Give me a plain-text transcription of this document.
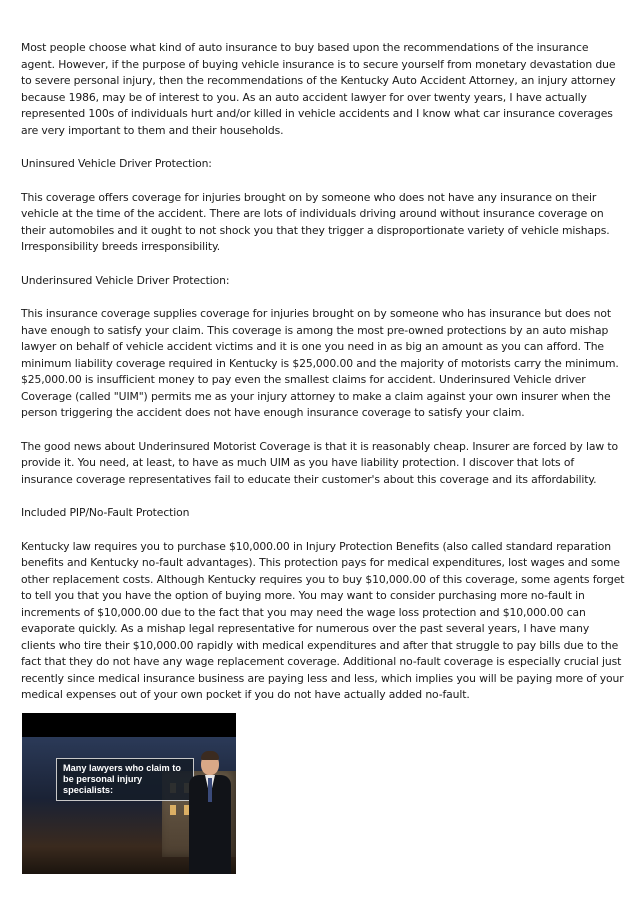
Most people choose what kind of auto insurance to buy based upon the recommendations of the insurance agent. However, if the purpose of buying vehicle insurance is to secure yourself from monetary devastation due to severe personal injury, then the recommendations of the Kentucky Auto Accident Attorney, an injury attorney because 1986, may be of interest to you. As an auto accident lawyer for over twenty years, I have actually represented 100s of individuals hurt and/or killed in vehicle accidents and I know what car insurance coverages are very important to them and their households.

Uninsured Vehicle Driver Protection:

This coverage offers coverage for injuries brought on by someone who does not have any insurance on their vehicle at the time of the accident. There are lots of individuals driving around without insurance coverage on their automobiles and it ought to not shock you that they trigger a disproportionate variety of vehicle mishaps. Irresponsibility breeds irresponsibility.

Underinsured Vehicle Driver Protection:

This insurance coverage supplies coverage for injuries brought on by someone who has insurance but does not have enough to satisfy your claim. This coverage is among the most pre-owned protections by an auto mishap lawyer on behalf of vehicle accident victims and it is one you need in as big an amount as you can afford. The minimum liability coverage required in Kentucky is $25,000.00 and the majority of motorists carry the minimum. $25,000.00 is insufficient money to pay even the smallest claims for accident. Underinsured Vehicle driver Coverage (called "UIM") permits me as your injury attorney to make a claim against your own insurer when the person triggering the accident does not have enough insurance coverage to satisfy your claim.

The good news about Underinsured Motorist Coverage is that it is reasonably cheap. Insurer are forced by law to provide it. You need, at least, to have as much UIM as you have liability protection. I discover that lots of insurance coverage representatives fail to educate their customer's about this coverage and its affordability.

Included PIP/No-Fault Protection

Kentucky law requires you to purchase $10,000.00 in Injury Protection Benefits (also called standard reparation benefits and Kentucky no-fault advantages). This protection pays for medical expenditures, lost wages and some other replacement costs. Although Kentucky requires you to buy $10,000.00 of this coverage, some agents forget to tell you that you have the option of buying more. You may want to consider purchasing more no-fault in increments of $10,000.00 due to the fact that you may need the wage loss protection and $10,000.00 can evaporate quickly. As a mishap legal representative for numerous over the past several years, I have many clients who tire their $10,000.00 rapidly with medical expenditures and after that struggle to pay bills due to the fact that they do not have any wage replacement coverage. Additional no-fault coverage is especially crucial just recently since medical insurance business are paying less and less, which implies you will be paying more of your medical expenses out of your own pocket if you do not have actually added no-fault.

Many lawyers who claim to be personal injury specialists:
